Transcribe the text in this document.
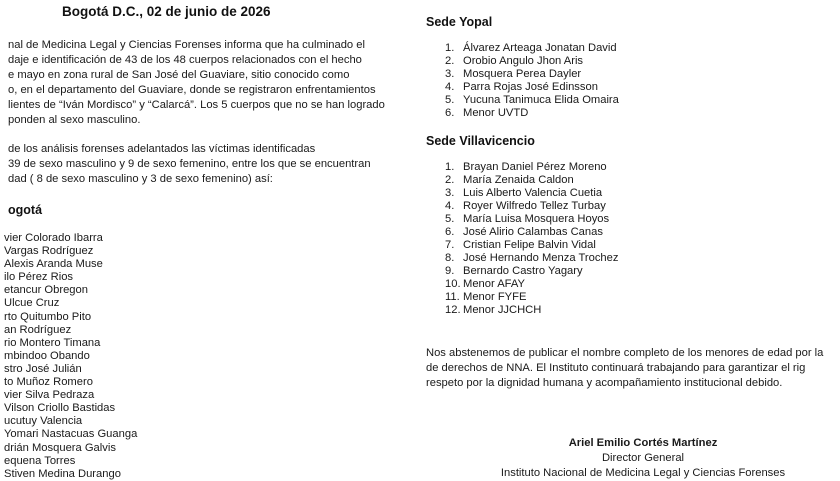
Bogotá D.C., 02 de junio de 2026
nal de Medicina Legal y Ciencias Forenses informa que ha culminado el
daje e identificación de 43 de los 48 cuerpos relacionados con el hecho
e mayo en zona rural de San José del Guaviare, sitio conocido como
o, en el departamento del Guaviare, donde se registraron enfrentamientos
lientes de “Iván Mordisco” y “Calarcá”. Los 5 cuerpos que no se han logrado
ponden al sexo masculino.
de los análisis forenses adelantados las víctimas identificadas
39 de sexo masculino y 9 de sexo femenino, entre los que se encuentran
dad ( 8 de sexo masculino y 3 de sexo femenino) así:
ogotá
vier Colorado Ibarra
Vargas Rodríguez
Alexis Aranda Muse
ilo Pérez Rios
etancur Obregon
Ulcue Cruz
rto Quitumbo Pito
an Rodríguez
rio Montero Timana
mbindoo Obando
stro José Julián
to Muñoz Romero
vier Silva Pedraza
Vilson Criollo Bastidas
ucutuy Valencia
Yomari Nastacuas Guanga
drián Mosquera Galvis
equena Torres
Stiven Medina Durango
Sede Yopal
1. Álvarez Arteaga Jonatan David
2. Orobio Angulo Jhon Aris
3. Mosquera Perea Dayler
4. Parra Rojas José Edinsson
5. Yucuna Tanimuca Elida Omaira
6. Menor UVTD
Sede Villavicencio
1. Brayan Daniel Pérez Moreno
2. María Zenaida Caldon
3. Luis Alberto Valencia Cuetia
4. Royer Wilfredo Tellez Turbay
5. María Luisa Mosquera Hoyos
6. José Alirio Calambas Canas
7. Cristian Felipe Balvin Vidal
8. José Hernando Menza Trochez
9. Bernardo Castro Yagary
10. Menor AFAY
11. Menor FYFE
12. Menor JJCHCH
Nos abstenemos de publicar el nombre completo de los menores de edad por la
de derechos de NNA. El Instituto continuará trabajando para garantizar el rig
respeto por la dignidad humana y acompañamiento institucional debido.
Ariel Emilio Cortés Martínez
Director General
Instituto Nacional de Medicina Legal y Ciencias Forenses
